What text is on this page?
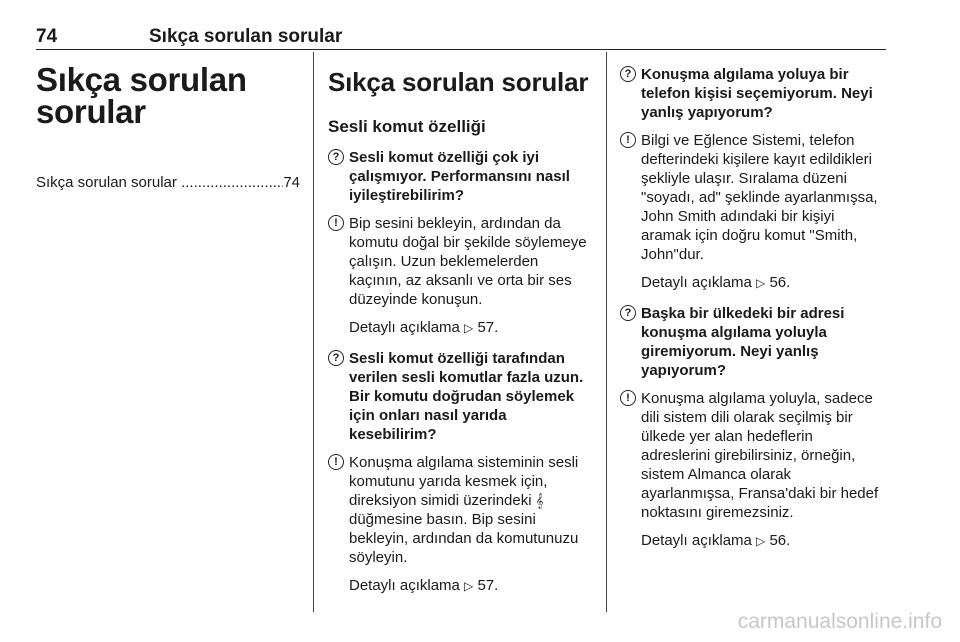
74	Sıkça sorulan sorular
Sıkça sorulan
sorular
Sıkça sorulan sorular .....	74
Sıkça sorulan sorular
Sesli komut özelliği
? Sesli komut özelliği çok iyi çalışmıyor. Performansını nasıl iyileştirebilirim?
! Bip sesini bekleyin, ardından da komutu doğal bir şekilde söylemeye çalışın. Uzun beklemelerden kaçının, az aksanlı ve orta bir ses düzeyinde konuşun.
Detaylı açıklama ▷ 57.
? Sesli komut özelliği tarafından verilen sesli komutlar fazla uzun. Bir komutu doğrudan söylemek için onları nasıl yarıda kesebilirim?
! Konuşma algılama sisteminin sesli komutunu yarıda kesmek için, direksiyon simidi üzerindeki 𝄞 düğmesine basın. Bip sesini bekleyin, ardından da komutunuzu söyleyin.
Detaylı açıklama ▷ 57.
? Konuşma algılama yoluya bir telefon kişisi seçemiyorum. Neyi yanlış yapıyorum?
! Bilgi ve Eğlence Sistemi, telefon defterindeki kişilere kayıt edildikleri şekliyle ulaşır. Sıralama düzeni "soyadı, ad" şeklinde ayarlanmışsa, John Smith adındaki bir kişiyi aramak için doğru komut "Smith, John"dur.
Detaylı açıklama ▷ 56.
? Başka bir ülkedeki bir adresi konuşma algılama yoluyla giremiyorum. Neyi yanlış yapıyorum?
! Konuşma algılama yoluyla, sadece dili sistem dili olarak seçilmiş bir ülkede yer alan hedeflerin adreslerini girebilirsiniz, örneğin, sistem Almanca olarak ayarlanmışsa, Fransa'daki bir hedef noktasını giremezsiniz.
Detaylı açıklama ▷ 56.
carmanualsonline.info
